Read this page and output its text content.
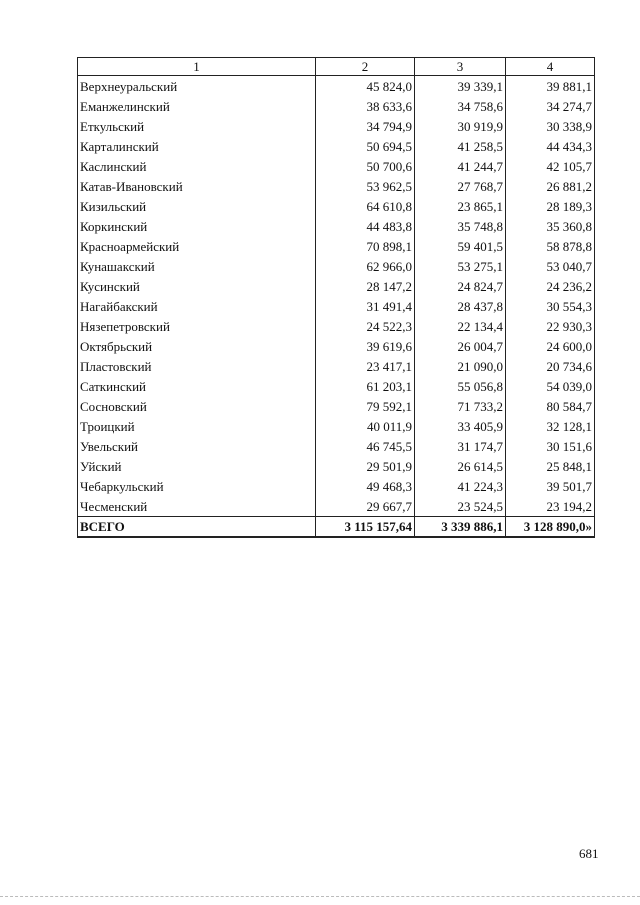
1	2	3	4
Верхнеуральский	45 824,0	39 339,1	39 881,1
Еманжелинский	38 633,6	34 758,6	34 274,7
Еткульский	34 794,9	30 919,9	30 338,9
Карталинский	50 694,5	41 258,5	44 434,3
Каслинский	50 700,6	41 244,7	42 105,7
Катав-Ивановский	53 962,5	27 768,7	26 881,2
Кизильский	64 610,8	23 865,1	28 189,3
Коркинский	44 483,8	35 748,8	35 360,8
Красноармейский	70 898,1	59 401,5	58 878,8
Кунашакский	62 966,0	53 275,1	53 040,7
Кусинский	28 147,2	24 824,7	24 236,2
Нагайбакский	31 491,4	28 437,8	30 554,3
Нязепетровский	24 522,3	22 134,4	22 930,3
Октябрьский	39 619,6	26 004,7	24 600,0
Пластовский	23 417,1	21 090,0	20 734,6
Саткинский	61 203,1	55 056,8	54 039,0
Сосновский	79 592,1	71 733,2	80 584,7
Троицкий	40 011,9	33 405,9	32 128,1
Увельский	46 745,5	31 174,7	30 151,6
Уйский	29 501,9	26 614,5	25 848,1
Чебаркульский	49 468,3	41 224,3	39 501,7
Чесменский	29 667,7	23 524,5	23 194,2
ВСЕГО	3 115 157,64	3 339 886,1	3 128 890,0»
681
